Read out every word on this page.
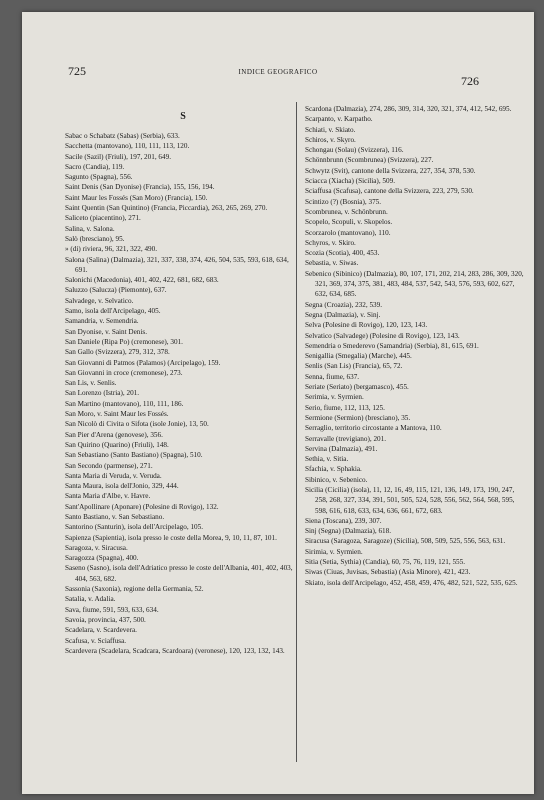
725	INDICE GEOGRAFICO
726
S

Sabac o Schabatz (Sabas) (Serbia), 633.

Sacchetta (mantovano), 110, 111, 113, 120.

Sacile (Sazil) (Friuli), 197, 201, 649.

Sacro (Candia), 119.

Sagunto (Spagna), 556.

Saint Denis (San Dyonise) (Francia), 155, 156, 194.

Saint Maur les Fossés (San Moro) (Francia), 150.

Saint Quentin (San Quintino) (Francia, Piccardia), 263, 265, 269, 270.

Saliceto (piacentino), 271.

Salina, v. Salona.

Salò (bresciano), 95.

» (di) riviera, 96, 321, 322, 490.

Salona (Salina) (Dalmazia), 321, 337, 338, 374, 426, 504, 535, 593, 618, 634, 691.

Salonichi (Macedonia), 401, 402, 422, 681, 682, 683.

Saluzzo (Salucza) (Piemonte), 637.

Salvadege, v. Selvatico.

Samo, isola dell'Arcipelago, 405.

Samandria, v. Semendria.

San Dyonise, v. Saint Denis.

San Daniele (Ripa Po) (cremonese), 301.

San Gallo (Svizzera), 279, 312, 378.

San Giovanni di Patmos (Palamos) (Arcipelago), 159.

San Giovanni in croce (cremonese), 273.

San Lis, v. Senlis.

San Lorenzo (Istria), 201.

San Martino (mantovano), 110, 111, 186.

San Moro, v. Saint Maur les Fossés.

San Nicolò di Civita o Sifota (isole Jonie), 13, 50.

San Pier d'Arena (genovese), 356.

San Quirino (Quarino) (Friuli), 148.

San Sebastiano (Santo Bastiano) (Spagna), 510.

San Secondo (parmense), 271.

Santa Maria di Veruda, v. Veruda.

Santa Maura, isola dell'Jonio, 329, 444.

Santa Maria d'Albe, v. Havre.

Sant'Apollinare (Aponare) (Polesine di Rovigo), 132.

Santo Bastiano, v. San Sebastiano.

Santorino (Santurin), isola dell'Arcipelago, 105.

Sapienza (Sapientia), isola presso le coste della Morea, 9, 10, 11, 87, 101.

Saragoza, v. Siracusa.

Saragozza (Spagna), 400.

Saseno (Sasno), isola dell'Adriatico presso le coste dell'Albania, 401, 402, 403, 404, 563, 682.

Sassonia (Saxonia), regione della Germania, 52.

Satalia, v. Adalia.

Sava, fiume, 591, 593, 633, 634.

Savoia, provincia, 437, 500.

Scadelara, v. Scardevera.

Scafusa, v. Sciaffusa.

Scardevera (Scadelara, Scadcara, Scardoara) (veronese), 120, 123, 132, 143.

Scardona (Dalmazia), 274, 286, 309, 314, 320, 321, 374, 412, 542, 695.

Scarpanto, v. Karpatho.

Schiati, v. Skiato.

Schiros, v. Skyro.

Schongau (Solau) (Svizzera), 116.

Schönnbrunn (Scombrunea) (Svizzera), 227.

Schwytz (Svit), cantone della Svizzera, 227, 354, 378, 530.

Sciacca (Xiacha) (Sicilia), 509.

Sciaffusa (Scafusa), cantone della Svizzera, 223, 279, 530.

Scintizo (?) (Bosnia), 375.

Scombrunea, v. Schönbrunn.

Scopelo, Scopuli, v. Skopelos.

Scorzarolo (mantovano), 110.

Schyros, v. Skiro.

Scozia (Scotia), 400, 453.

Sebastia, v. Siwas.

Sebenico (Sibinico) (Dalmazia), 80, 107, 171, 202, 214, 283, 286, 309, 320, 321, 369, 374, 375, 381, 483, 484, 537, 542, 543, 576, 593, 602, 627, 632, 634, 685.

Segna (Croazia), 232, 539.

Segna (Dalmazia), v. Sinj.

Selva (Polesine di Rovigo), 120, 123, 143.

Selvatico (Salvadege) (Polesine di Rovigo), 123, 143.

Semendria o Smederevo (Samandria) (Serbia), 81, 615, 691.

Senigallia (Smegalia) (Marche), 445.

Senlis (San Lis) (Francia), 65, 72.

Senna, fiume, 637.

Seriate (Seriato) (bergamasco), 455.

Serimia, v. Syrmien.

Serio, fiume, 112, 113, 125.

Sermione (Sermion) (bresciano), 35.

Serraglio, territorio circostante a Mantova, 110.

Serravalle (trevigiano), 201.

Servina (Dalmazia), 491.

Sethia, v. Sitia.

Sfachia, v. Sphakia.

Sibinico, v. Sebenico.

Sicilia (Cicilia) (isola), 11, 12, 16, 49, 115, 121, 136, 149, 173, 190, 247, 258, 268, 327, 334, 391, 501, 505, 524, 528, 556, 562, 564, 568, 595, 598, 616, 618, 633, 634, 636, 661, 672, 683.

Siena (Toscana), 239, 307.

Sinj (Segna) (Dalmazia), 618.

Siracusa (Saragoza, Saragoze) (Sicilia), 508, 509, 525, 556, 563, 631.

Sirimia, v. Syrmien.

Sitia (Setia, Sythia) (Candia), 60, 75, 76, 119, 121, 555.

Siwas (Ciuas, Juvisas, Sebastia) (Asia Minore), 421, 423.

Skiato, isola dell'Arcipelago, 452, 458, 459, 476, 482, 521, 522, 535, 625.
